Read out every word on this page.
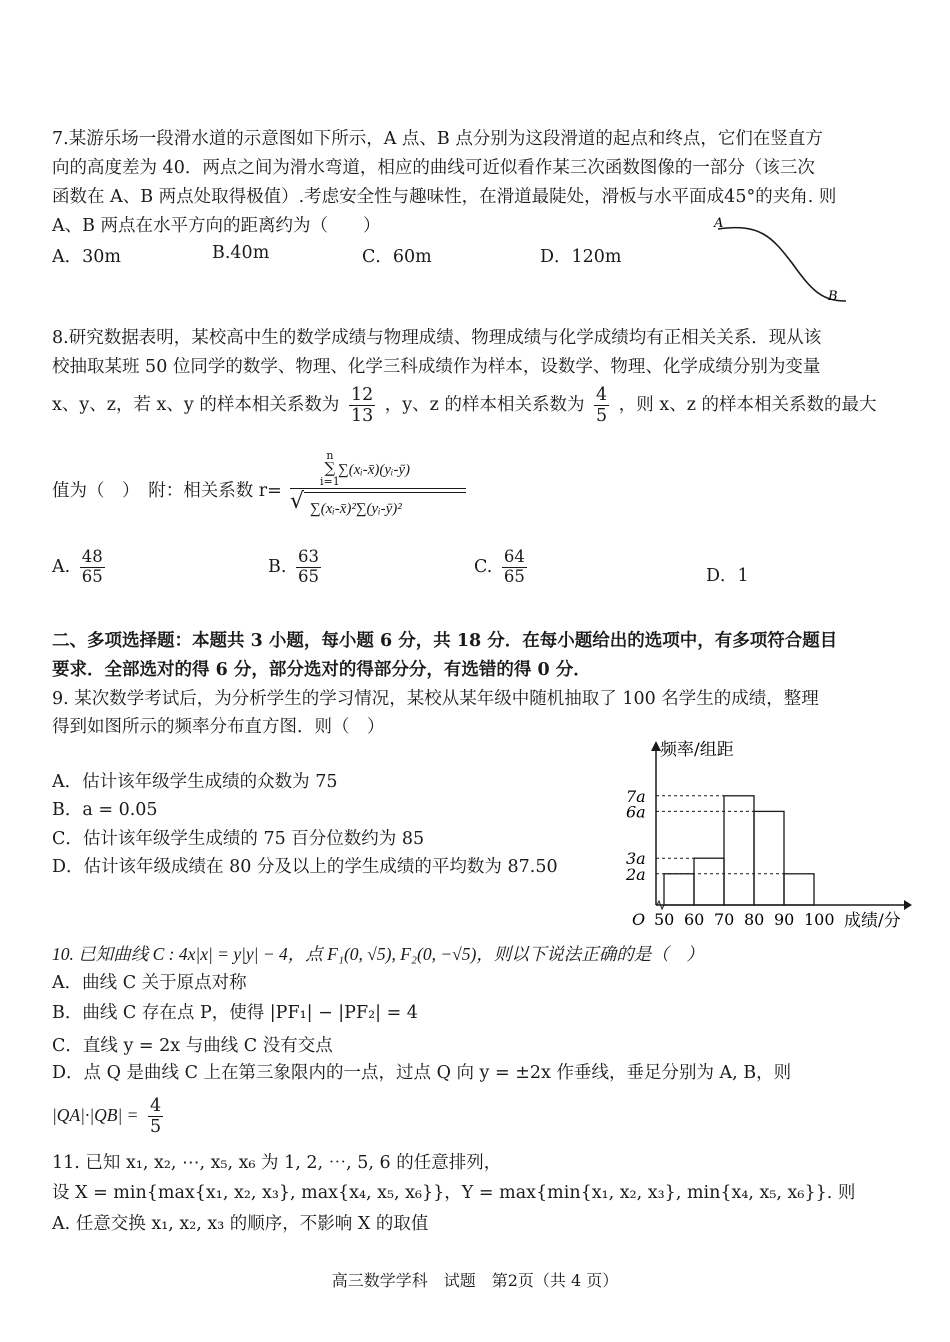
7.某游乐场一段滑水道的示意图如下所示，A 点、B 点分别为这段滑道的起点和终点，它们在竖直方
向的高度差为 40．两点之间为滑水弯道，相应的曲线可近似看作某三次函数图像的一部分（该三次
函数在 A、B 两点处取得极值）.考虑安全性与趣味性，在滑道最陡处，滑板与水平面成45°的夹角. 则
A、B 两点在水平方向的距离约为（　　）
A．30m	B.40m	C．60m	D．120m
A
B
8.研究数据表明，某校高中生的数学成绩与物理成绩、物理成绩与化学成绩均有正相关关系．现从该
校抽取某班 50 位同学的数学、物理、化学三科成绩作为样本，设数学、物理、化学成绩分别为变量
x、y、z，若 x、y 的样本相关系数为 $\frac{12}{13}$ ，y、z 的样本相关系数为 $\frac{4}{5}$ ，则 x、z 的样本相关系数的最大
值为（　）　附：相关系数 r=
n
∑
i=1
∑(xᵢ-x̄)(yᵢ-ȳ)
√ ∑(xᵢ-x̄)²∑(yᵢ-ȳ)²
A. $\frac{48}{65}$	B. $\frac{63}{65}$	C. $\frac{64}{65}$	D．1
二、多项选择题：本题共 3 小题，每小题 6 分，共 18 分．在每小题给出的选项中，有多项符合题目
要求．全部选对的得 6 分，部分选对的得部分分，有选错的得 0 分．
9. 某次数学考试后，为分析学生的学习情况，某校从某年级中随机抽取了 100 名学生的成绩，整理
得到如图所示的频率分布直方图．则（　）
A．估计该年级学生成绩的众数为 75
B．a = 0.05
C．估计该年级学生成绩的 75 百分位数约为 85
D．估计该年级成绩在 80 分及以上的学生成绩的平均数为 87.50
7a
6a
3a
2a
50 60 70 80 90 100
频率/组距
成绩/分
O
10. 已知曲线 C : 4x|x| = y|y| − 4，点 F₁(0, √5), F₂(0, −√5)，则以下说法正确的是（　）
A．曲线 C 关于原点对称
B．曲线 C 存在点 P，使得 |PF₁| − |PF₂| = 4
C．直线 y = 2x 与曲线 C 没有交点
D．点 Q 是曲线 C 上在第三象限内的一点，过点 Q 向 y = ±2x 作垂线，垂足分别为 A, B，则
$|QA|\cdot|QB| = \frac{4}{5}$
11. 已知 x₁, x₂, ⋯, x₅, x₆ 为 1, 2, ⋯, 5, 6 的任意排列，
设 X = min{max{x₁, x₂, x₃}, max{x₄, x₅, x₆}}，Y = max{min{x₁, x₂, x₃}, min{x₄, x₅, x₆}}. 则
A. 任意交换 x₁, x₂, x₃ 的顺序，不影响 X 的取值
高三数学学科　试题　第2页（共 4 页）
